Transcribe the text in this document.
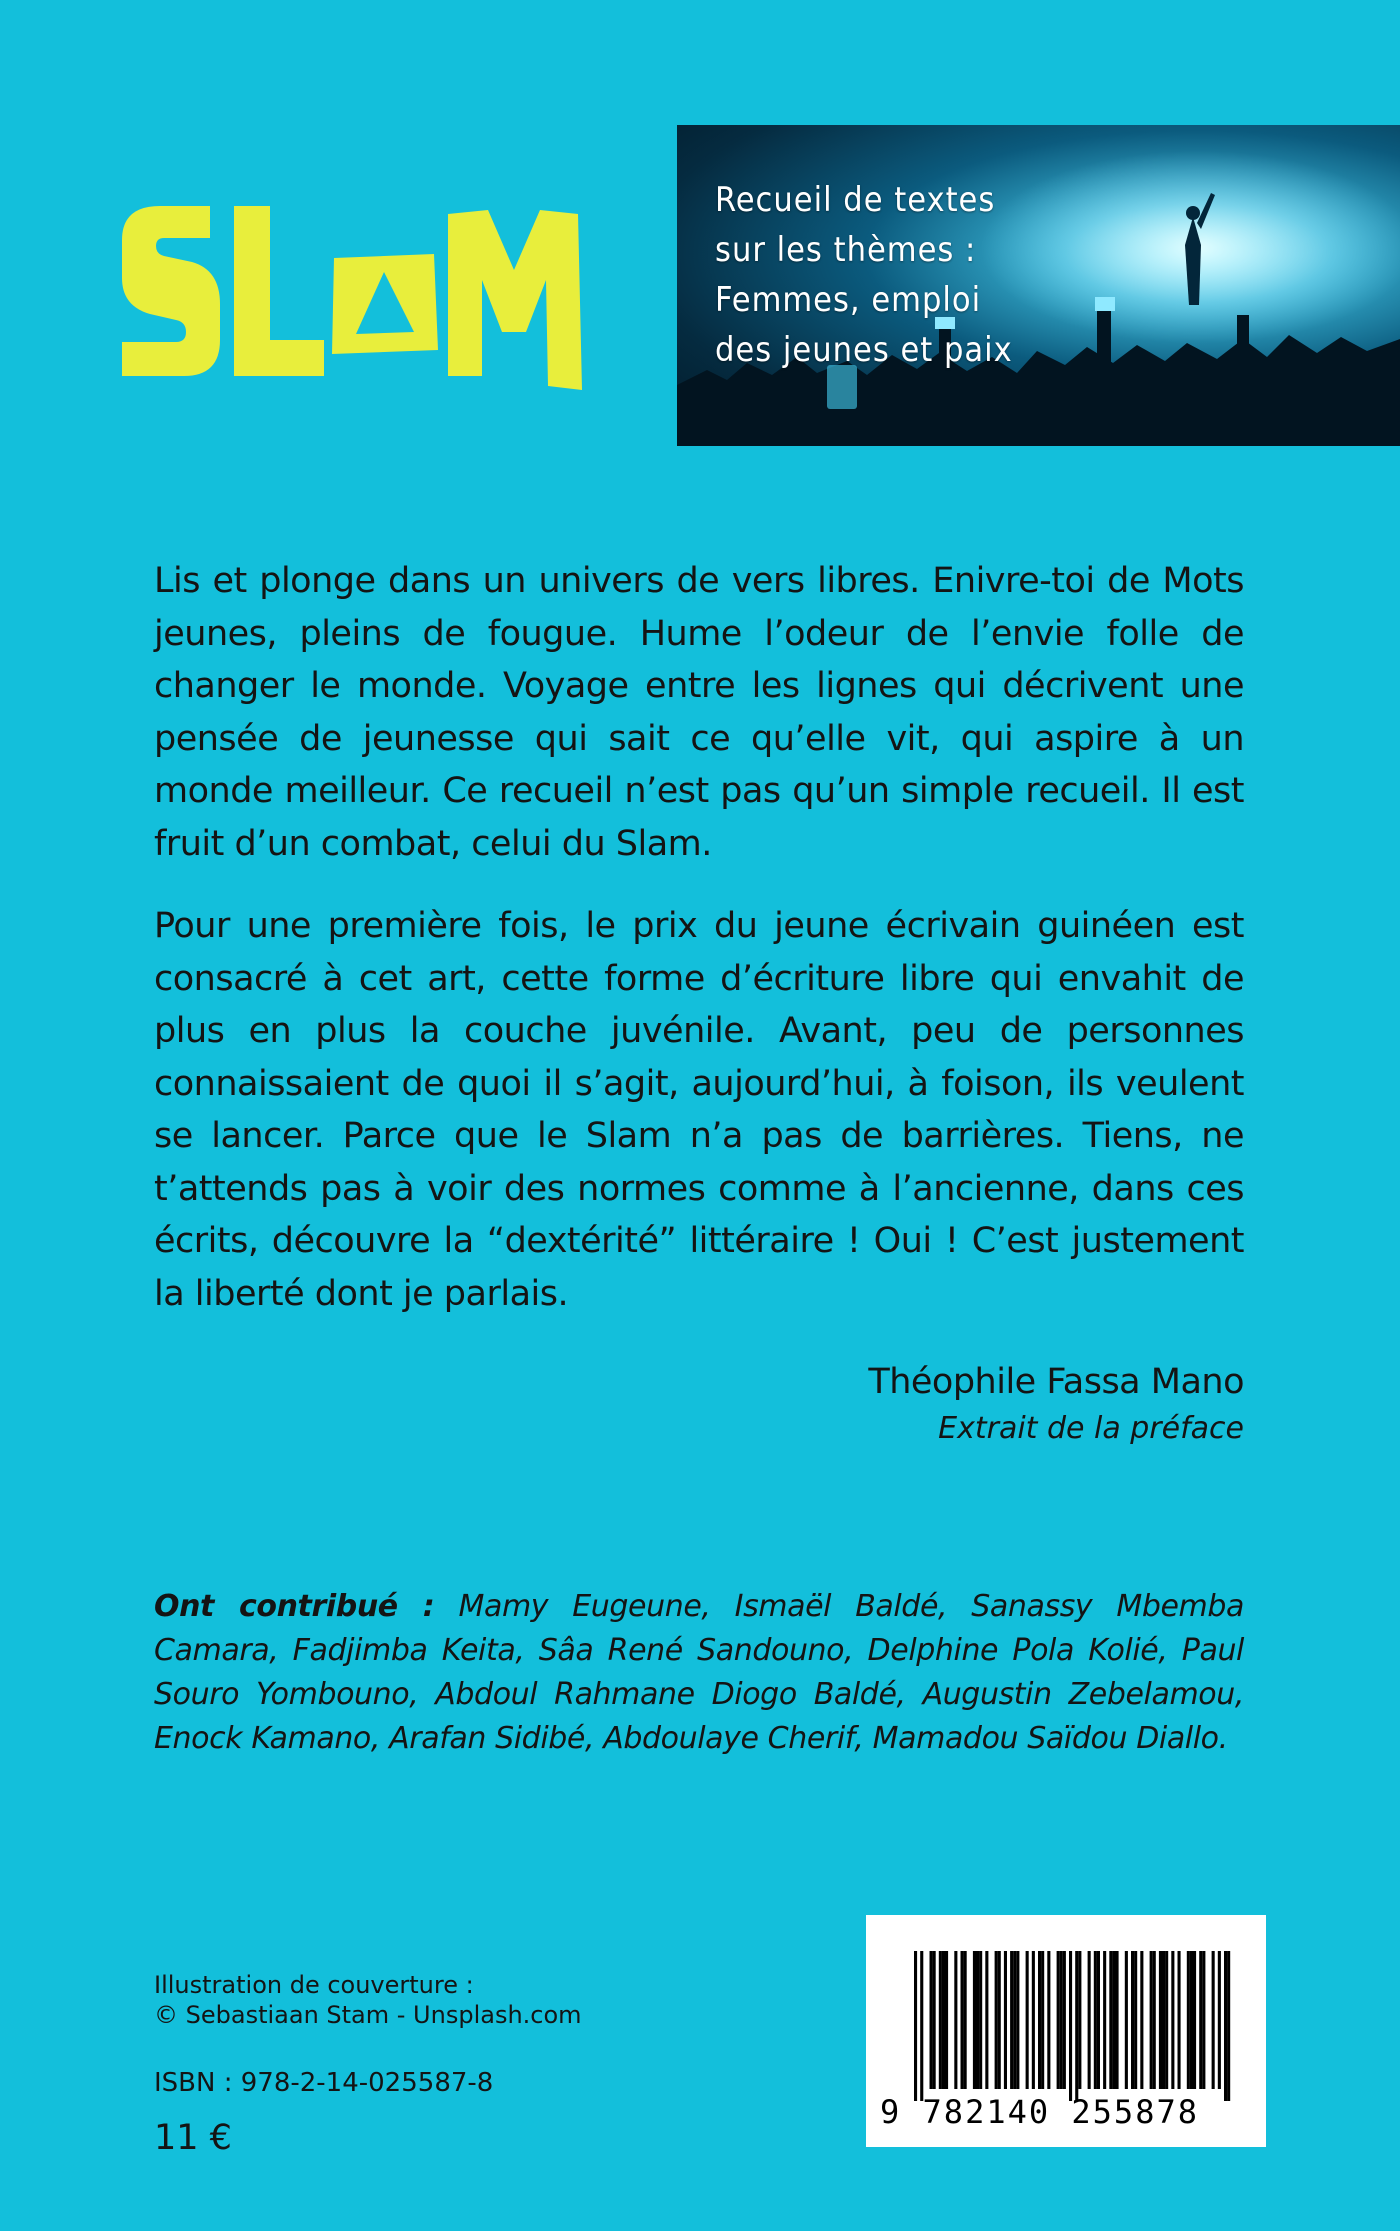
Recueil de textes
sur les thèmes :
Femmes, emploi
des jeunes et paix

Lis et plonge dans un univers de vers libres. Enivre-toi de Mots jeunes, pleins de fougue. Hume l’odeur de l’envie folle de changer le monde. Voyage entre les lignes qui décrivent une pensée de jeunesse qui sait ce qu’elle vit, qui aspire à un monde meilleur. Ce recueil n’est pas qu’un simple recueil. Il est fruit d’un combat, celui du Slam.

Pour une première fois, le prix du jeune écrivain guinéen est consacré à cet art, cette forme d’écriture libre qui envahit de plus en plus la couche juvénile. Avant, peu de personnes connaissaient de quoi il s’agit, aujourd’hui, à foison, ils veulent se lancer. Parce que le Slam n’a pas de barrières. Tiens, ne t’attends pas à voir des normes comme à l’ancienne, dans ces écrits, découvre la “dextérité” littéraire ! Oui ! C’est justement la liberté dont je parlais.

Théophile Fassa Mano
Extrait de la préface
Ont contribué : Mamy Eugeune, Ismaël Baldé, Sanassy Mbemba Camara, Fadjimba Keita, Sâa René Sandouno, Delphine Pola Kolié, Paul Souro Yombouno, Abdoul Rahmane Diogo Baldé, Augustin Zebelamou, Enock Kamano, Arafan Sidibé, Abdoulaye Cherif, Mamadou Saïdou Diallo.
Illustration de couverture :
© Sebastiaan Stam - Unsplash.com
ISBN : 978-2-14-025587-8
11 €
9 782140 255878
